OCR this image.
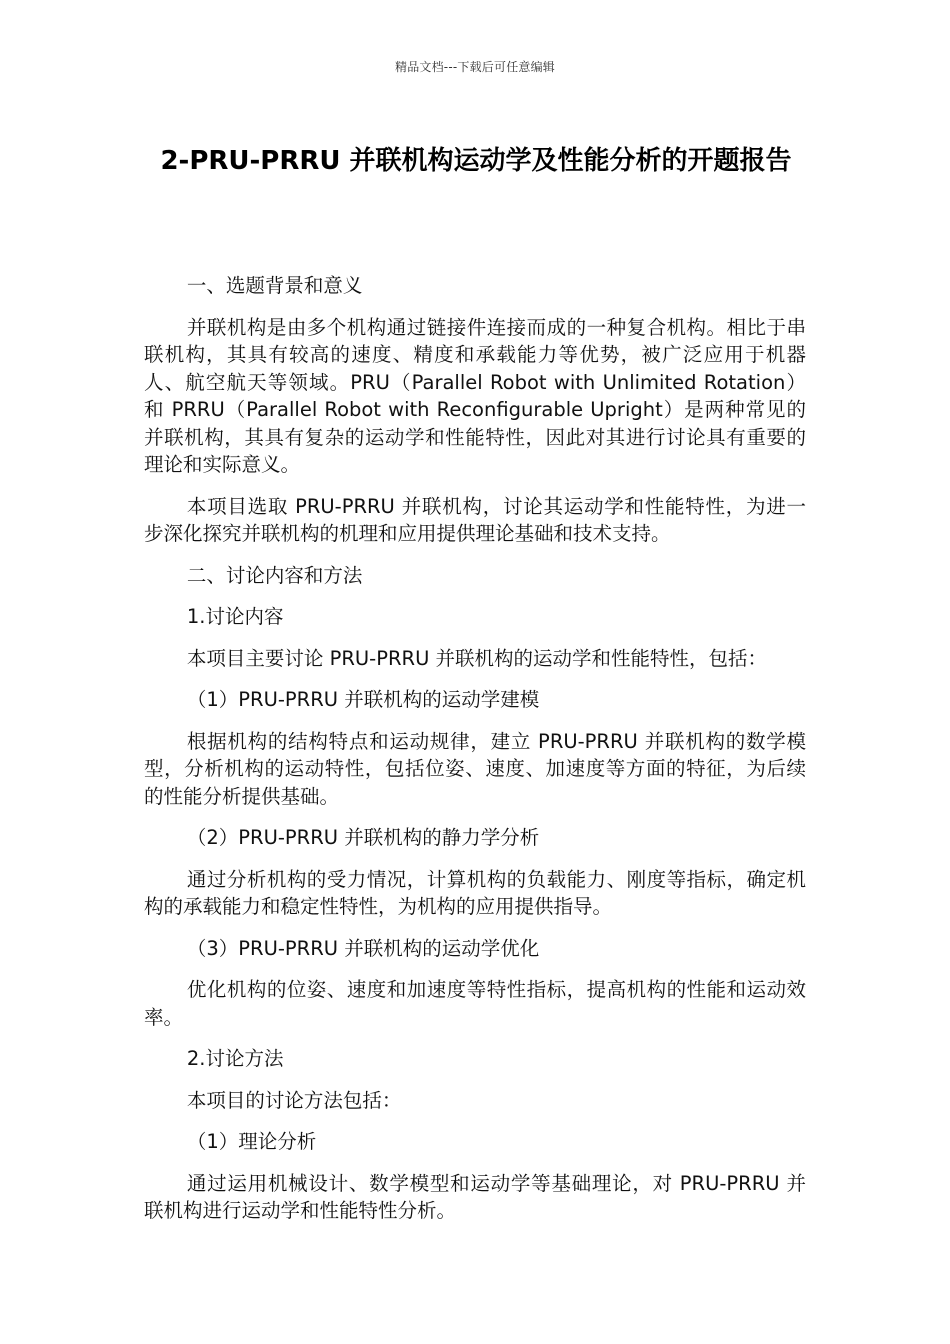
精品文档---下载后可任意编辑
2-PRU-PRRU 并联机构运动学及性能分析的开题报告

一、选题背景和意义

并联机构是由多个机构通过链接件连接而成的一种复合机构。相比于串联机构，其具有较高的速度、精度和承载能力等优势，被广泛应用于机器人、航空航天等领域。PRU（Parallel Robot with Unlimited Rotation）和 PRRU（Parallel Robot with Reconfigurable Upright）是两种常见的并联机构，其具有复杂的运动学和性能特性，因此对其进行讨论具有重要的理论和实际意义。

本项目选取 PRU-PRRU 并联机构，讨论其运动学和性能特性，为进一步深化探究并联机构的机理和应用提供理论基础和技术支持。

二、讨论内容和方法

1.讨论内容

本项目主要讨论 PRU-PRRU 并联机构的运动学和性能特性，包括：

（1）PRU-PRRU 并联机构的运动学建模

根据机构的结构特点和运动规律，建立 PRU-PRRU 并联机构的数学模型，分析机构的运动特性，包括位姿、速度、加速度等方面的特征，为后续的性能分析提供基础。

（2）PRU-PRRU 并联机构的静力学分析

通过分析机构的受力情况，计算机构的负载能力、刚度等指标，确定机构的承载能力和稳定性特性，为机构的应用提供指导。

（3）PRU-PRRU 并联机构的运动学优化

优化机构的位姿、速度和加速度等特性指标，提高机构的性能和运动效率。

2.讨论方法

本项目的讨论方法包括：

（1）理论分析

通过运用机械设计、数学模型和运动学等基础理论，对 PRU-PRRU 并联机构进行运动学和性能特性分析。
